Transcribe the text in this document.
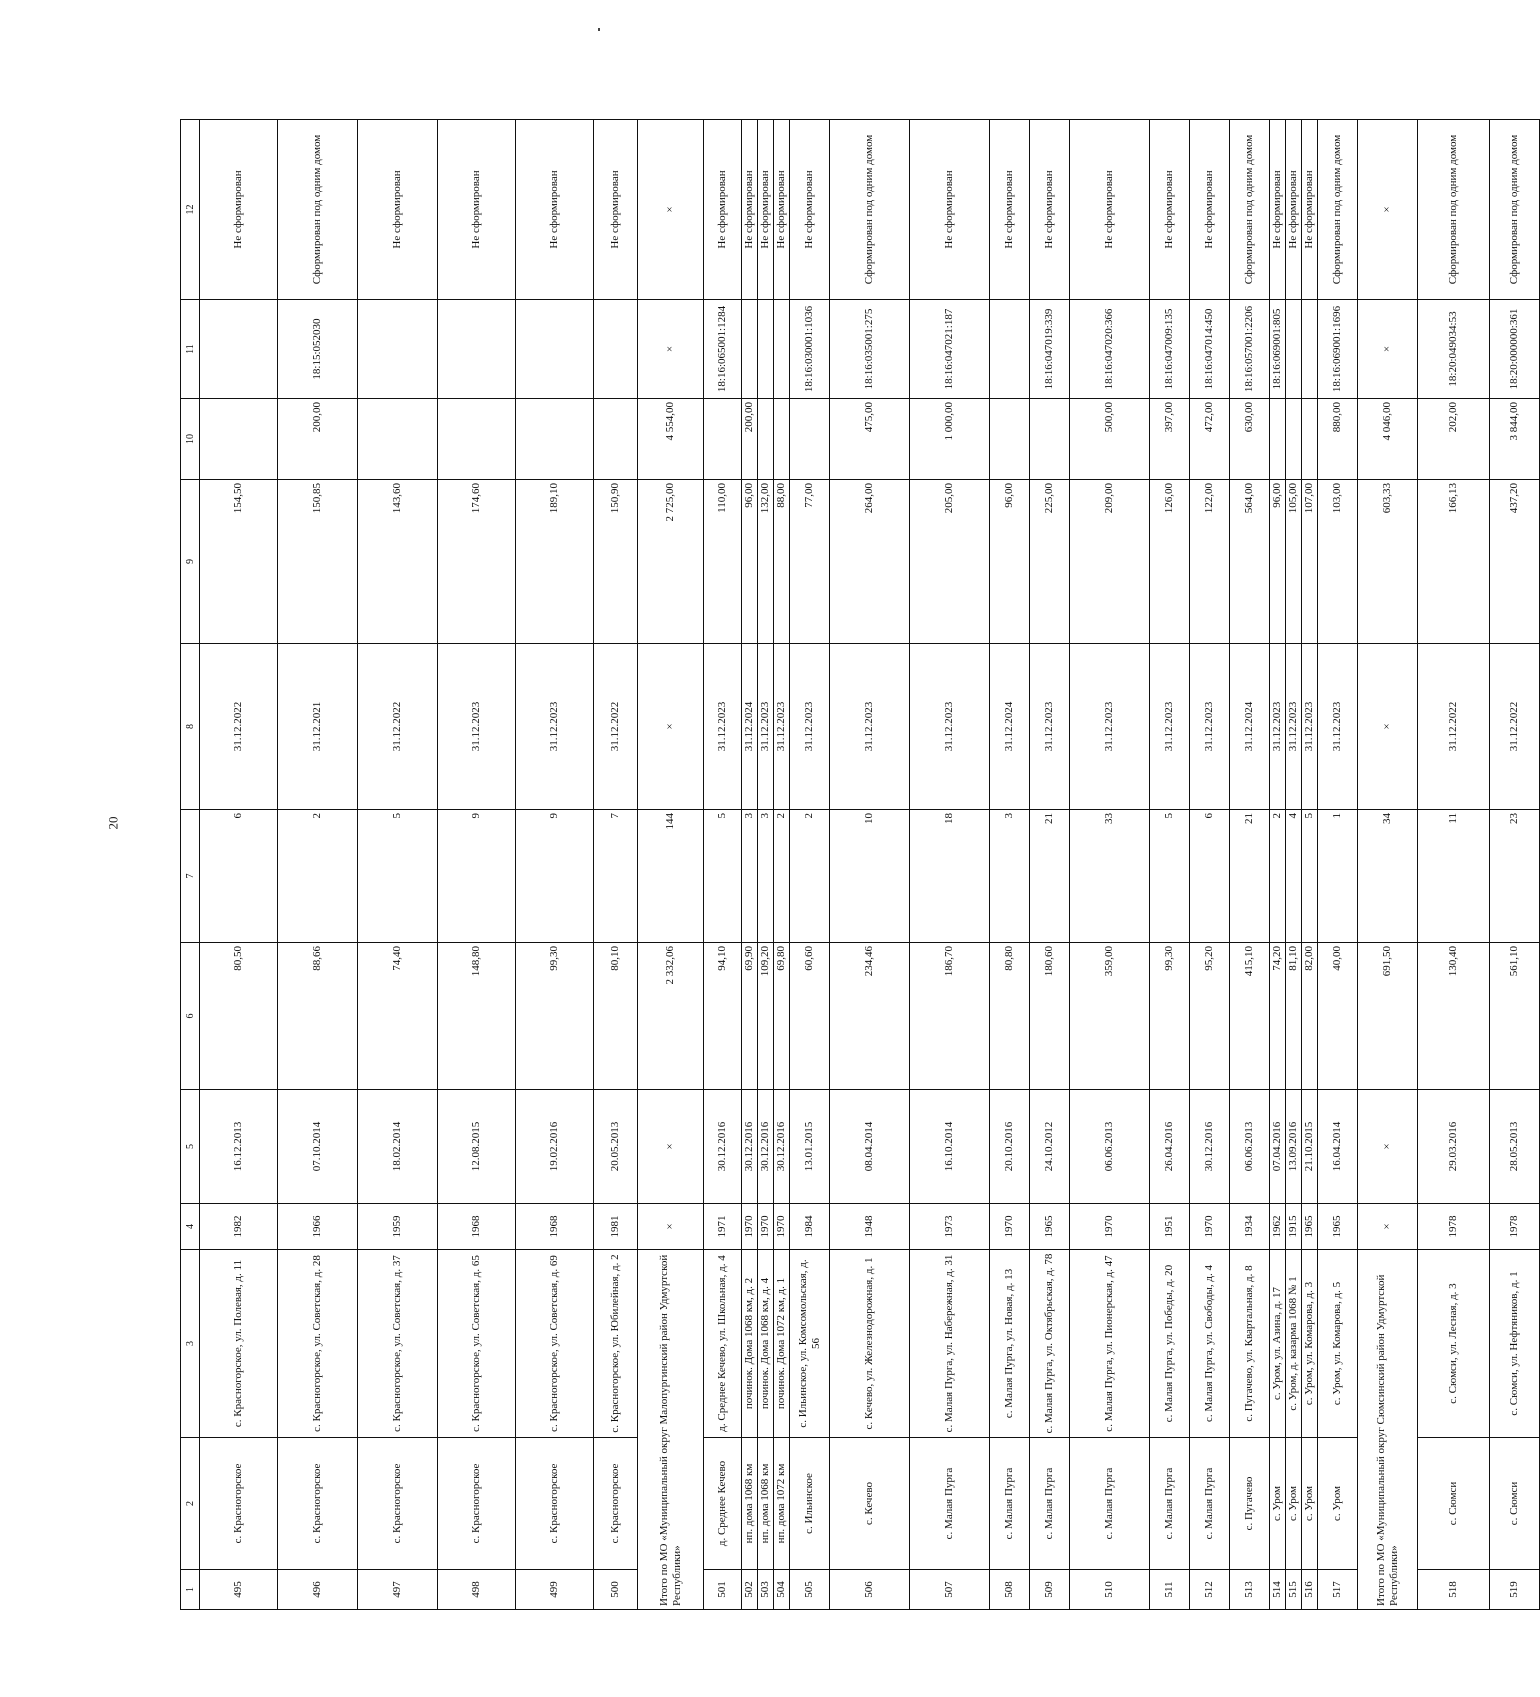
20
1	2	3	4	5	6	7	8	9	10	11	12
495	с. Красногорское	с. Красногорское, ул. Полевая, д. 11	1982	16.12.2013	80,50	6	31.12.2022	154,50			Не сформирован
496	с. Красногорское	с. Красногорское, ул. Советская, д. 28	1966	07.10.2014	88,66	2	31.12.2021	150,85	200,00	18:15:052030	Сформирован под одним домом
497	с. Красногорское	с. Красногорское, ул. Советская, д. 37	1959	18.02.2014	74,40	5	31.12.2022	143,60			Не сформирован
498	с. Красногорское	с. Красногорское, ул. Советская, д. 65	1968	12.08.2015	148,80	9	31.12.2023	174,60			Не сформирован
499	с. Красногорское	с. Красногорское, ул. Советская, д. 69	1968	19.02.2016	99,30	9	31.12.2023	189,10			Не сформирован
500	с. Красногорское	с. Красногорское, ул. Юбилейная, д. 2	1981	20.05.2013	80,10	7	31.12.2022	150,90			Не сформирован
Итого по МО «Муниципальный округ Малопургинский район Удмуртской Республики»			×	×	2 332,06	144	×	2 725,00	4 554,00	×	×
501	д. Среднее Кечево	д. Среднее Кечево, ул. Школьная, д. 4	1971	30.12.2016	94,10	5	31.12.2023	110,00		18:16:065001:1284	Не сформирован
502	нп. дома 1068 км	починок. Дома 1068 км, д. 2	1970	30.12.2016	69,90	3	31.12.2024	96,00	200,00		Не сформирован
503	нп. дома 1068 км	починок. Дома 1068 км, д. 4	1970	30.12.2016	109,20	3	31.12.2023	132,00			Не сформирован
504	нп. дома 1072 км	починок. Дома 1072 км, д. 1	1970	30.12.2016	69,80	2	31.12.2023	88,00			Не сформирован
505	с. Ильинское	с. Ильинское, ул. Комсомольская, д. 56	1984	13.01.2015	60,60	2	31.12.2023	77,00		18:16:030001:1036	Не сформирован
506	с. Кечево	с. Кечево, ул. Железнодорожная, д. 1	1948	08.04.2014	234,46	10	31.12.2023	264,00	475,00	18:16:035001:275	Сформирован под одним домом
507	с. Малая Пурга	с. Малая Пурга, ул. Набережная, д. 31	1973	16.10.2014	186,70	18	31.12.2023	205,00	1 000,00	18:16:047021:187	Не сформирован
508	с. Малая Пурга	с. Малая Пурга, ул. Новая, д. 13	1970	20.10.2016	80,80	3	31.12.2024	96,00			Не сформирован
509	с. Малая Пурга	с. Малая Пурга, ул. Октябрьская, д. 78	1965	24.10.2012	180,60	21	31.12.2023	225,00		18:16:047019:339	Не сформирован
510	с. Малая Пурга	с. Малая Пурга, ул. Пионерская, д. 47	1970	06.06.2013	359,00	33	31.12.2023	209,00	500,00	18:16:047020:366	Не сформирован
511	с. Малая Пурга	с. Малая Пурга, ул. Победы, д. 20	1951	26.04.2016	99,30	5	31.12.2023	126,00	397,00	18:16:047009:135	Не сформирован
512	с. Малая Пурга	с. Малая Пурга, ул. Свободы, д. 4	1970	30.12.2016	95,20	6	31.12.2023	122,00	472,00	18:16:047014:450	Не сформирован
513	с. Пугачево	с. Пугачево, ул. Квартальная, д. 8	1934	06.06.2013	415,10	21	31.12.2024	564,00	630,00	18:16:057001:2206	Сформирован под одним домом
514	с. Уром	с. Уром, ул. Азина, д. 17	1962	07.04.2016	74,20	2	31.12.2023	96,00		18:16:069001:805	Не сформирован
515	с. Уром	с. Уром, д. казарма 1068 № 1	1915	13.09.2016	81,10	4	31.12.2023	105,00			Не сформирован
516	с. Уром	с. Уром, ул. Комарова, д. 3	1965	21.10.2015	82,00	5	31.12.2023	107,00			Не сформирован
517	с. Уром	с. Уром, ул. Комарова, д. 5	1965	16.04.2014	40,00	1	31.12.2023	103,00	880,00	18:16:069001:1696	Сформирован под одним домом
Итого по МО «Муниципальный округ Сюмсинский район Удмуртской Республики»			×	×	691,50	34	×	603,33	4 046,00	×	×
518	с. Сюмси	с. Сюмси, ул. Лесная, д. 3	1978	29.03.2016	130,40	11	31.12.2022	166,13	202,00	18:20:049034:53	Сформирован под одним домом
519	с. Сюмси	с. Сюмси, ул. Нефтяников, д. 1	1978	28.05.2013	561,10	23	31.12.2022	437,20	3 844,00	18:20:000000:361	Сформирован под одним домом
